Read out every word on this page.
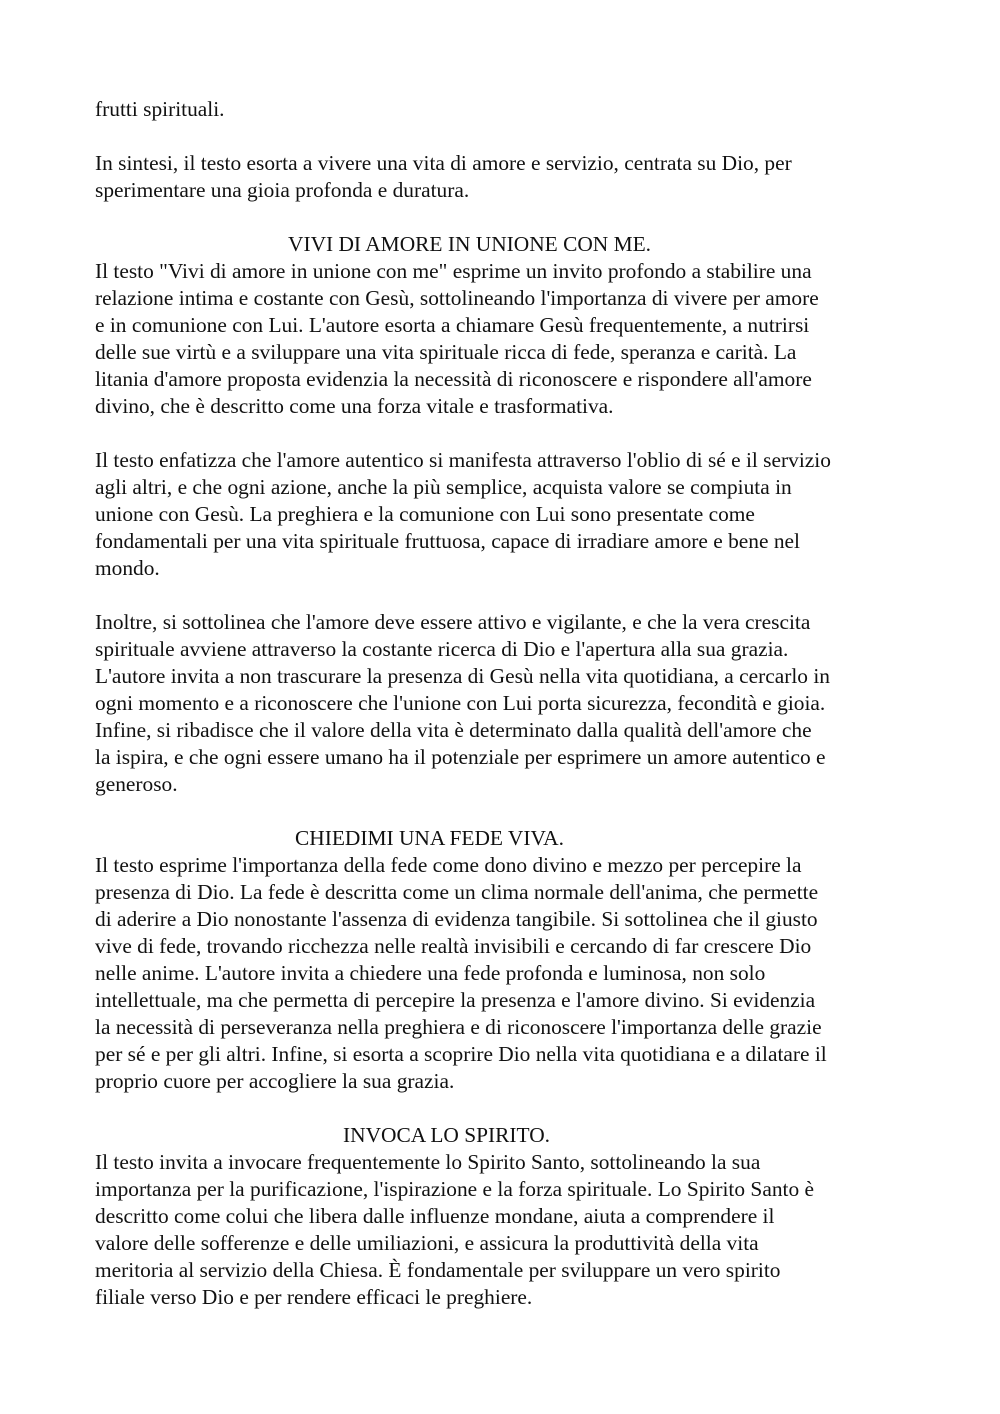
frutti spirituali.
In sintesi, il testo esorta a vivere una vita di amore e servizio, centrata su Dio, per
sperimentare una gioia profonda e duratura.
VIVI DI AMORE IN UNIONE CON ME.
Il testo "Vivi di amore in unione con me" esprime un invito profondo a stabilire una
relazione intima e costante con Gesù, sottolineando l'importanza di vivere per amore
e in comunione con Lui. L'autore esorta a chiamare Gesù frequentemente, a nutrirsi
delle sue virtù e a sviluppare una vita spirituale ricca di fede, speranza e carità. La
litania d'amore proposta evidenzia la necessità di riconoscere e rispondere all'amore
divino, che è descritto come una forza vitale e trasformativa.
Il testo enfatizza che l'amore autentico si manifesta attraverso l'oblio di sé e il servizio
agli altri, e che ogni azione, anche la più semplice, acquista valore se compiuta in
unione con Gesù. La preghiera e la comunione con Lui sono presentate come
fondamentali per una vita spirituale fruttuosa, capace di irradiare amore e bene nel
mondo.
Inoltre, si sottolinea che l'amore deve essere attivo e vigilante, e che la vera crescita
spirituale avviene attraverso la costante ricerca di Dio e l'apertura alla sua grazia.
L'autore invita a non trascurare la presenza di Gesù nella vita quotidiana, a cercarlo in
ogni momento e a riconoscere che l'unione con Lui porta sicurezza, fecondità e gioia.
Infine, si ribadisce che il valore della vita è determinato dalla qualità dell'amore che
la ispira, e che ogni essere umano ha il potenziale per esprimere un amore autentico e
generoso.
CHIEDIMI UNA FEDE VIVA.
Il testo esprime l'importanza della fede come dono divino e mezzo per percepire la
presenza di Dio. La fede è descritta come un clima normale dell'anima, che permette
di aderire a Dio nonostante l'assenza di evidenza tangibile. Si sottolinea che il giusto
vive di fede, trovando ricchezza nelle realtà invisibili e cercando di far crescere Dio
nelle anime. L'autore invita a chiedere una fede profonda e luminosa, non solo
intellettuale, ma che permetta di percepire la presenza e l'amore divino. Si evidenzia
la necessità di perseveranza nella preghiera e di riconoscere l'importanza delle grazie
per sé e per gli altri. Infine, si esorta a scoprire Dio nella vita quotidiana e a dilatare il
proprio cuore per accogliere la sua grazia.
INVOCA LO SPIRITO.
Il testo invita a invocare frequentemente lo Spirito Santo, sottolineando la sua
importanza per la purificazione, l'ispirazione e la forza spirituale. Lo Spirito Santo è
descritto come colui che libera dalle influenze mondane, aiuta a comprendere il
valore delle sofferenze e delle umiliazioni, e assicura la produttività della vita
meritoria al servizio della Chiesa. È fondamentale per sviluppare un vero spirito
filiale verso Dio e per rendere efficaci le preghiere.
